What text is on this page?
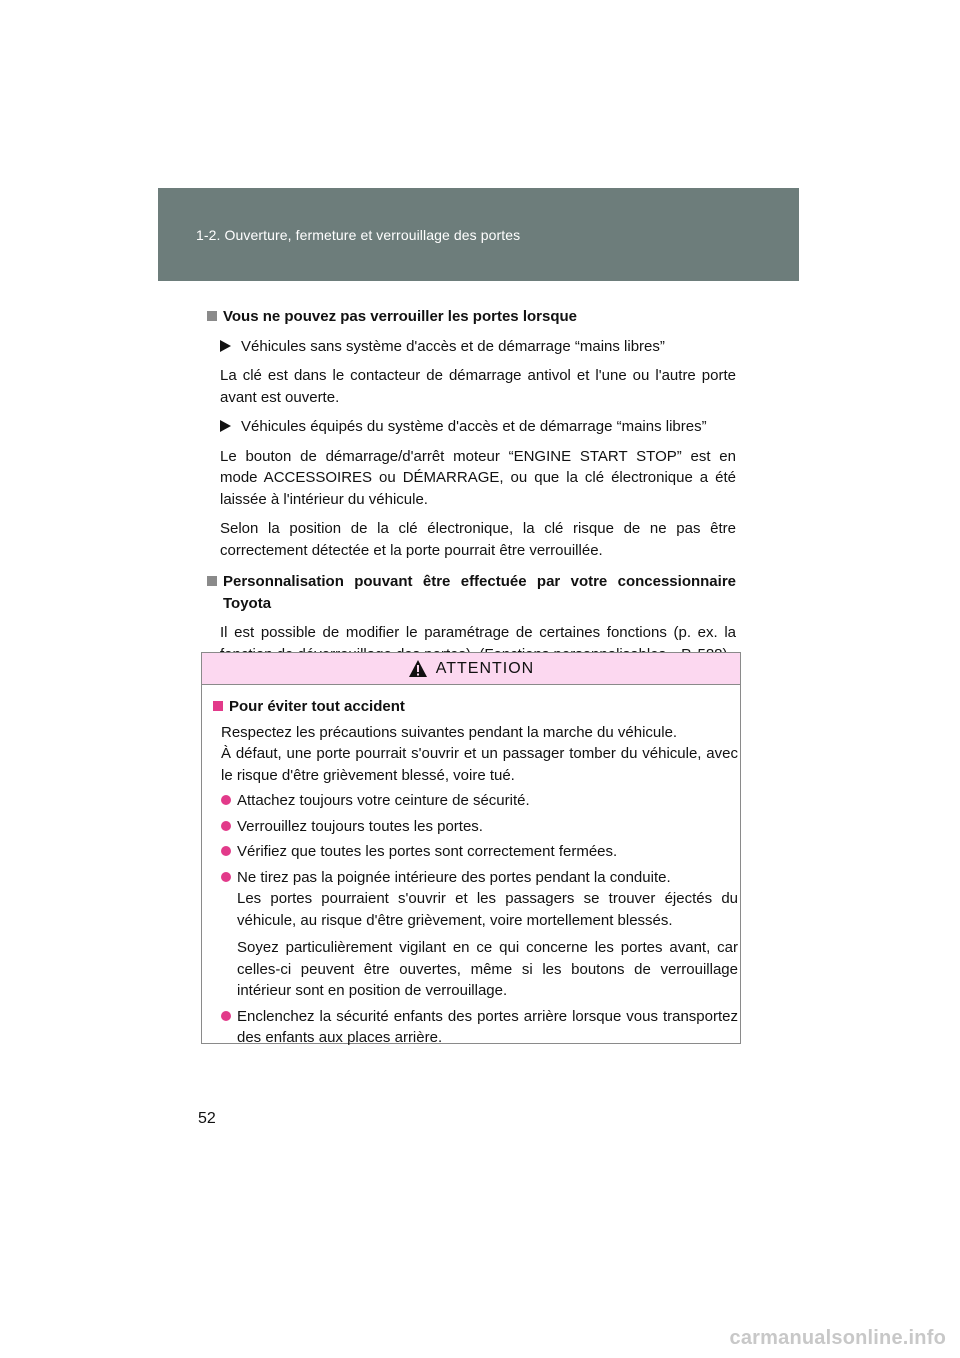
1-2. Ouverture, fermeture et verrouillage des portes
Vous ne pouvez pas verrouiller les portes lorsque
Véhicules sans système d'accès et de démarrage “mains libres”
La clé est dans le contacteur de démarrage antivol et l'une ou l'autre porte avant est ouverte.
Véhicules équipés du système d'accès et de démarrage “mains libres”
Le bouton de démarrage/d'arrêt moteur “ENGINE START STOP” est en mode ACCESSOIRES ou DÉMARRAGE, ou que la clé électronique a été laissée à l'intérieur du véhicule.
Selon la position de la clé électronique, la clé risque de ne pas être correctement détectée et la porte pourrait être verrouillée.
Personnalisation pouvant être effectuée par votre concessionnaire Toyota
Il est possible de modifier le paramétrage de certaines fonctions (p. ex. la
ATTENTION
Pour éviter tout accident
Respectez les précautions suivantes pendant la marche du véhicule.
À défaut, une porte pourrait s'ouvrir et un passager tomber du véhicule, avec le risque d'être grièvement blessé, voire tué.

Attachez toujours votre ceinture de sécurité.

Verrouillez toujours toutes les portes.

Vérifiez que toutes les portes sont correctement fermées.

Ne tirez pas la poignée intérieure des portes pendant la conduite.
Les portes pourraient s'ouvrir et les passagers se trouver éjectés du véhicule, au risque d'être grièvement, voire mortellement blessés.

Soyez particulièrement vigilant en ce qui concerne les portes avant, car celles-ci peuvent être ouvertes, même si les boutons de verrouillage intérieur sont en position de verrouillage.

Enclenchez la sécurité enfants des portes arrière lorsque vous transportez des enfants aux places arrière.

52
carmanualsonline.info
